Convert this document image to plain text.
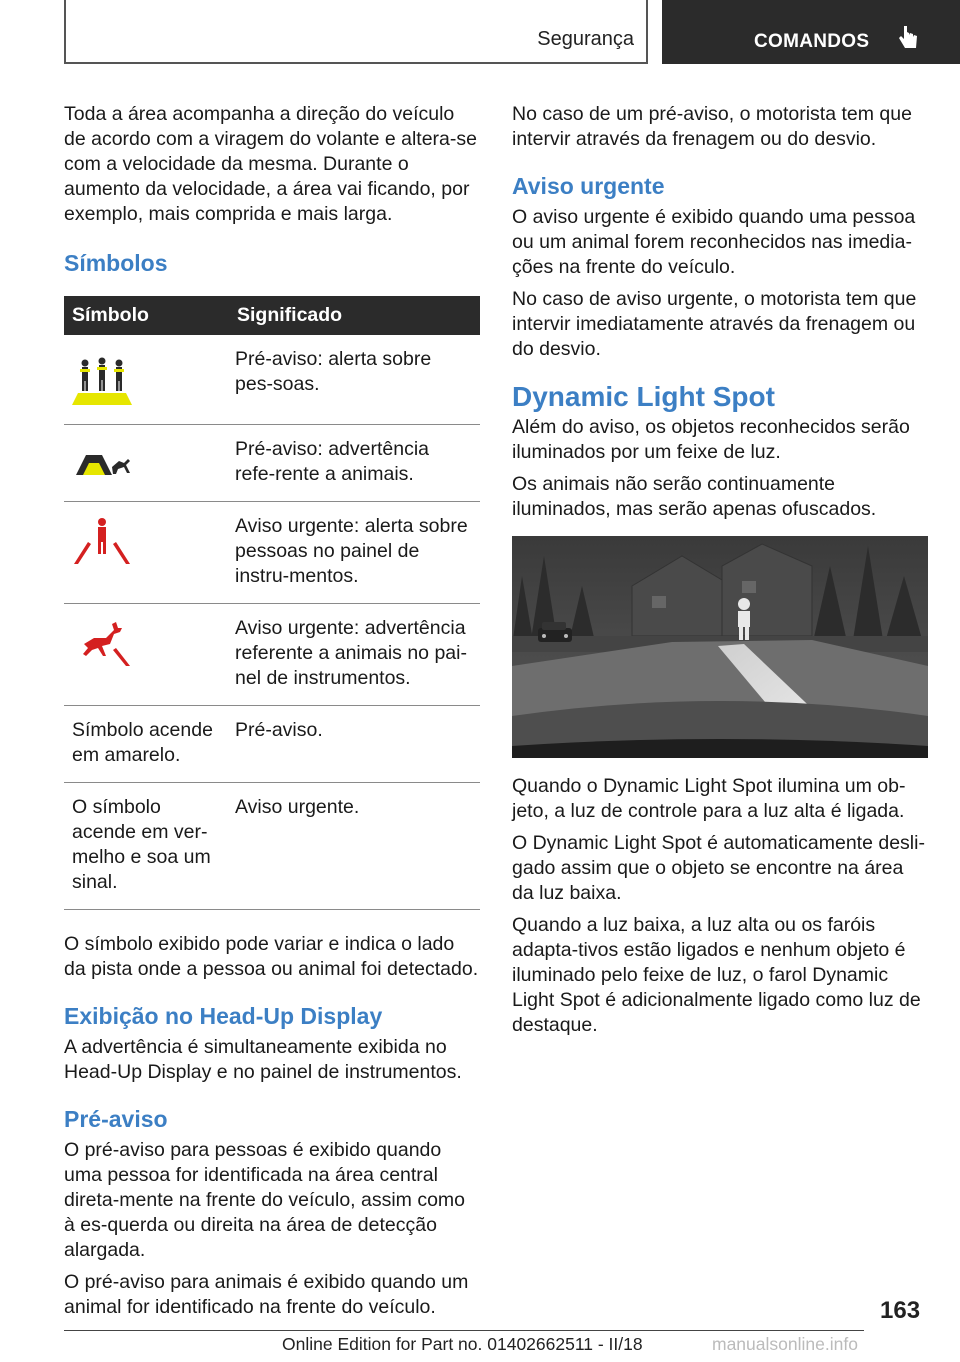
Segurança	COMANDOS

Toda a área acompanha a direção do veículo de acordo com a viragem do volante e altera-se com a velocidade da mesma. Durante o aumento da velocidade, a área vai ficando, por exemplo, mais comprida e mais larga.

Símbolos
Símbolo	Significado
	Pré-aviso: alerta sobre pes-soas.
	Pré-aviso: advertência refe-rente a animais.
	Aviso urgente: alerta sobre pessoas no painel de instru-mentos.
	Aviso urgente: advertência referente a animais no pai-nel de instrumentos.
Símbolo acende em amarelo.	Pré-aviso.
O símbolo acende em ver-melho e soa um sinal.	Aviso urgente.

O símbolo exibido pode variar e indica o lado da pista onde a pessoa ou animal foi detectado.

Exibição no Head-Up Display

A advertência é simultaneamente exibida no Head-Up Display e no painel de instrumentos.

Pré-aviso

O pré-aviso para pessoas é exibido quando uma pessoa for identificada na área central direta-mente na frente do veículo, assim como à es-querda ou direita na área de detecção alargada.

O pré-aviso para animais é exibido quando um animal for identificado na frente do veículo.

No caso de um pré-aviso, o motorista tem que intervir através da frenagem ou do desvio.

Aviso urgente

O aviso urgente é exibido quando uma pessoa ou um animal forem reconhecidos nas imedia-ções na frente do veículo.

No caso de aviso urgente, o motorista tem que intervir imediatamente através da frenagem ou do desvio.

Dynamic Light Spot

Além do aviso, os objetos reconhecidos serão iluminados por um feixe de luz.

Os animais não serão continuamente iluminados, mas serão apenas ofuscados.

Quando o Dynamic Light Spot ilumina um ob-jeto, a luz de controle para a luz alta é ligada.

O Dynamic Light Spot é automaticamente desli-gado assim que o objeto se encontre na área da luz baixa.

Quando a luz baixa, a luz alta ou os faróis adapta-tivos estão ligados e nenhum objeto é iluminado pelo feixe de luz, o farol Dynamic Light Spot é adicionalmente ligado como luz de destaque.

163
Online Edition for Part no. 01402662511 - II/18	manualsonline.info
